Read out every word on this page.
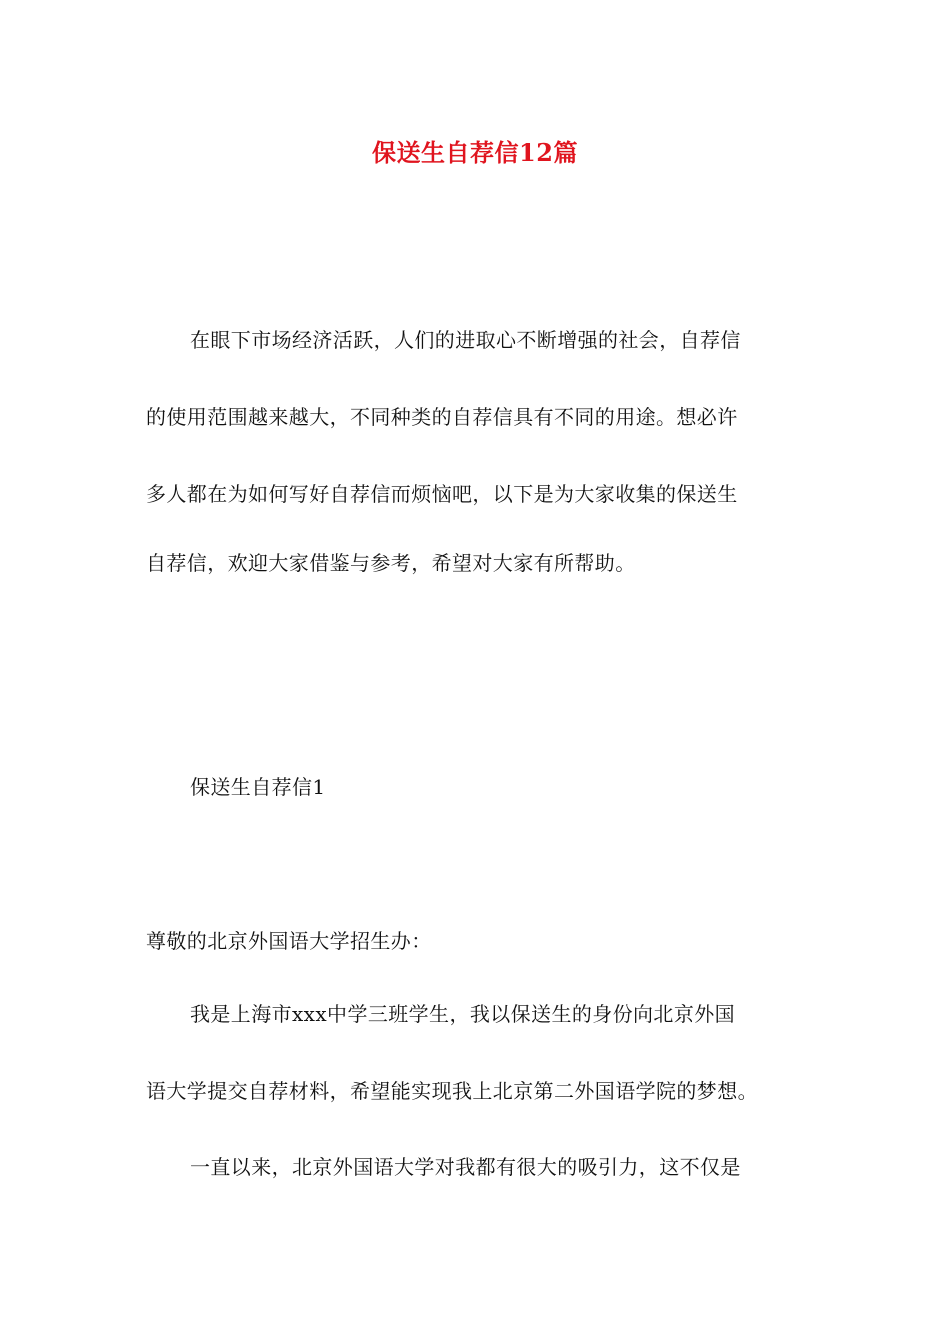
保送生自荐信12篇
在眼下市场经济活跃，人们的进取心不断增强的社会，自荐信
的使用范围越来越大，不同种类的自荐信具有不同的用途。想必许
多人都在为如何写好自荐信而烦恼吧，以下是为大家收集的保送生
自荐信，欢迎大家借鉴与参考，希望对大家有所帮助。
保送生自荐信1
尊敬的北京外国语大学招生办：
我是上海市xxx中学三班学生，我以保送生的身份向北京外国
语大学提交自荐材料，希望能实现我上北京第二外国语学院的梦想。
一直以来，北京外国语大学对我都有很大的吸引力，这不仅是
